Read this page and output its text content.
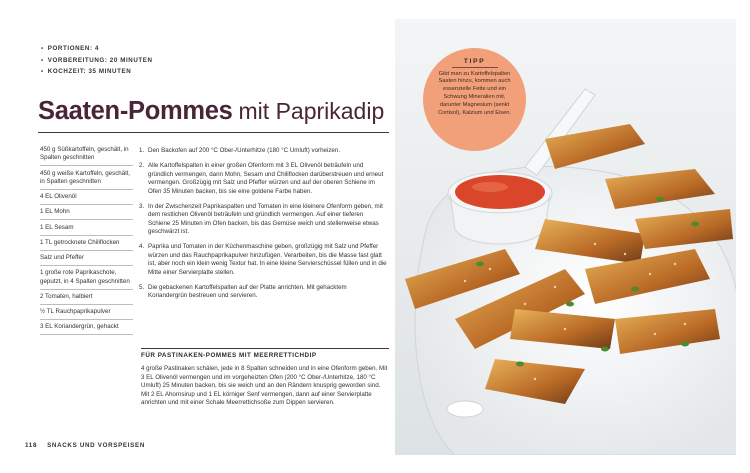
• PORTIONEN: 4
• VORBEREITUNG: 20 MINUTEN
• KOCHZEIT: 35 MINUTEN
Saaten-Pommes mit Paprikadip
450 g Süßkartoffeln, geschält, in Spalten geschnitten
450 g weiße Kartoffeln, geschält, in Spalten geschnitten
4 EL Olivenöl
1 EL Mohn
1 EL Sesam
1 TL getrocknete Chiliflocken
Salz und Pfeffer
1 große rote Paprikaschote, geputzt, in 4 Spalten geschnitten
2 Tomaten, halbiert
½ TL Rauchpaprikapulver
3 EL Koriandergrün, gehackt
1. Den Backofen auf 200 °C Ober-/Unterhitze (180 °C Umluft) vorheizen.
2. Alle Kartoffelspalten in einer großen Ofenform mit 3 EL Olivenöl beträufeln und gründlich vermengen, dann Mohn, Sesam und Chiliflocken darüberstreuen und erneut vermengen. Großzügig mit Salz und Pfeffer würzen und auf der oberen Schiene im Ofen 35 Minuten backen, bis sie eine goldene Farbe haben.
3. In der Zwischenzeit Paprikaspalten und Tomaten in eine kleinere Ofenform geben, mit dem restlichen Olivenöl beträufeln und gründlich vermengen. Auf einer tieferen Schiene 25 Minuten im Ofen backen, bis das Gemüse weich und stellenweise etwas geschwärzt ist.
4. Paprika und Tomaten in der Küchenmaschine geben, großzügig mit Salz und Pfeffer würzen und das Rauchpaprikapulver hinzufügen. Verarbeiten, bis die Masse fast glatt ist, aber noch ein klein wenig Textur hat. In eine kleine Servierschüssel füllen und in die Mitte einer Servierplatte stellen.
5. Die gebackenen Kartoffelspalten auf der Platte anrichten. Mit gehacktem Koriandergrün bestreuen und servieren.
FÜR PASTINAKEN-POMMES MIT MEERRETTICHDIP

4 große Pastinaken schälen, jede in 8 Spalten schneiden und in eine Ofenform geben. Mit 3 EL Olivenöl vermengen und im vorgeheizten Ofen (200 °C Ober-/Unterhitze, 180 °C Umluft) 25 Minuten backen, bis sie weich und an den Rändern knusprig geworden sind. Mit 2 EL Ahornsirup und 1 EL körniger Senf vermengen, dann auf einer Servierplatte anrichten und mit einer Schale Meerrettichsoße zum Dippen servieren.

118 SNACKS UND VORSPEISEN
TIPP
Gibt man zu Kartoffelspalten Saaten hinzu, kommen auch essenzielle Fette und ein Schwung Mineralien mit, darunter Magnesium (senkt Cortisol), Kalzium und Eisen.
